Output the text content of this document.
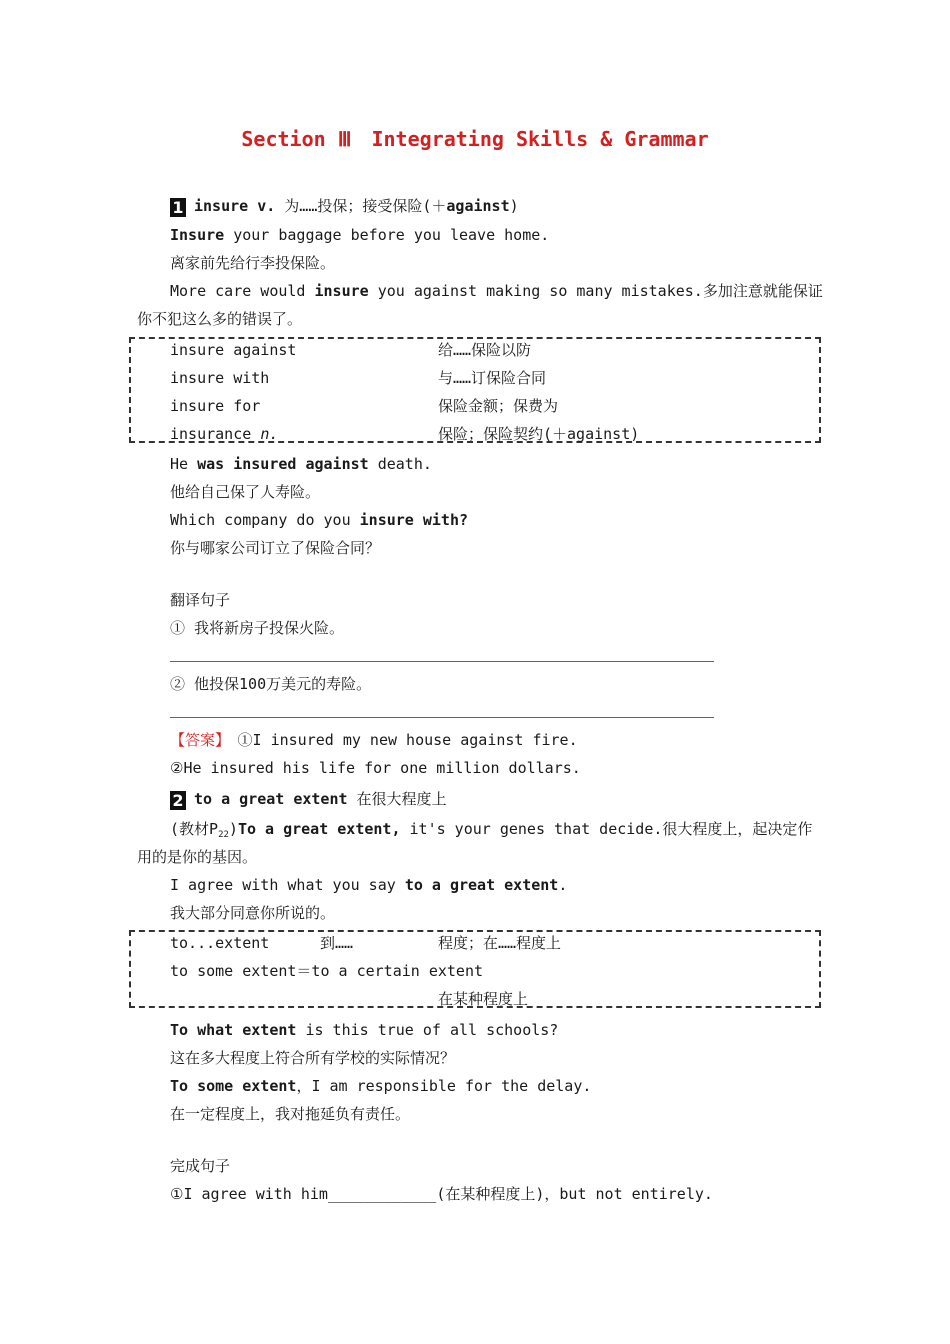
Section Ⅲ　Integrating Skills & Grammar
1 insure v. 为……投保；接受保险(＋against)
Insure your baggage before you leave home.
离家前先给行李投保险。
More care would insure you against making so many mistakes.多加注意就能保证
你不犯这么多的错误了。
insure against	给……保险以防
insure with	与……订保险合同
insure for	保险金额；保费为
insurance n.	保险；保险契约(＋against)
He was insured against death.
他给自己保了人寿险。
Which company do you insure with?
你与哪家公司订立了保险合同？
翻译句子
① 我将新房子投保火险。
② 他投保100万美元的寿险。
【答案】　①I insured my new house against fire.
②He insured his life for one million dollars.
2 to a great extent 在很大程度上
(教材$P_{22})To$ a great extent, it's your genes that decide.很大程度上，起决定作
用的是你的基因。
I agree with what you say to a great extent.
我大部分同意你所说的。
to...extent	到……	程度；在……程度上
to some extent＝to a certain extent
在某种程度上
To what extent is this true of all schools?
这在多大程度上符合所有学校的实际情况？
To some extent，I am responsible for the delay.
在一定程度上，我对拖延负有责任。
完成句子
①I agree with him____________(在某种程度上)，but not entirely.
